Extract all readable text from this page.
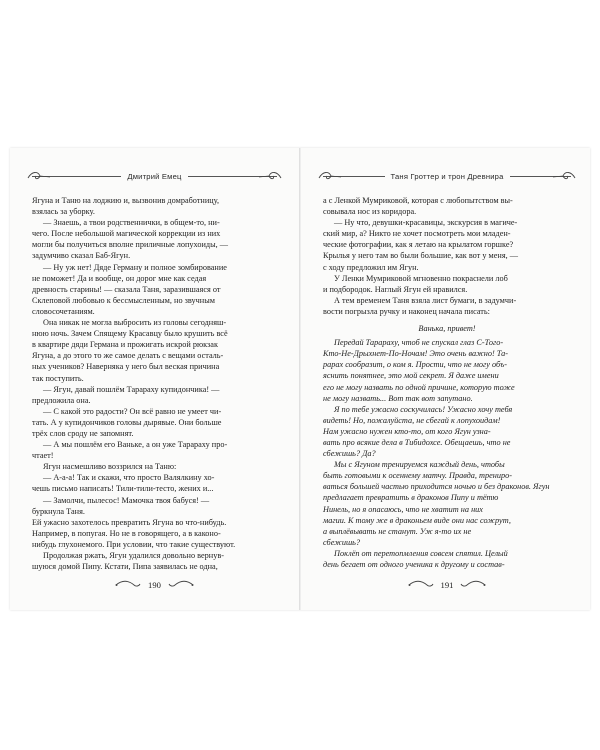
Дмитрий Емец

Ягуна и Таню на лоджию и, вызвонив домработницу,

взялась за уборку.

— Знаешь, а твои родственнички, в общем-то, ни-

чего. После небольшой магической коррекции из них

могли бы получиться вполне приличные лопухоиды, —

задумчиво сказал Баб-Ягун.

— Ну уж нет! Дяде Герману и полное зомбирование

не поможет! Да и вообще, он дорог мне как седая

древность старины! — сказала Таня, заразившаяся от

Склеповой любовью к бессмысленным, но звучным

словосочетаниям.

Она никак не могла выбросить из головы сегодняш-

нюю ночь. Зачем Спящему Красавцу было крушить всё

в квартире дяди Германа и прожигать искрой рюкзак

Ягуна, а до этого то же самое делать с вещами осталь-

ных учеников? Наверняка у него был веская причина

так поступить.

— Ягун, давай пошлём Тарараху купидончика! —

предложила она.

— С какой это радости? Он всё равно не умеет чи-

тать. А у купидончиков головы дырявые. Они больше

трёх слов сроду не запомнят.

— А мы пошлём его Ваньке, а он уже Тарараху про-

чтает!

Ягун насмешливо воззрился на Таню:

— А-а-а! Так и скажи, что просто Валялкину хо-

чешь письмо написать! Тили-тили-тесто, жених и...

— Замолчи, пылесос! Мамочка твоя бабуся! —

буркнула Таня.

Ей ужасно захотелось превратить Ягуна во что-нибудь.

Например, в попугая. Но не в говорящего, а в каконо-

нибудь глухонемого. При условии, что такие существуют.

Продолжая ржать, Ягун удалился довольно вернув-

шуюся домой Пипу. Кстати, Пипа заявилась не одна,

190
Таня Гроттер и трон Древнира

а с Ленкой Мумриковой, которая с любопытством вы-

совывала нос из коридора.

— Ну что, девушки-красавицы, экскурсия в магиче-

ский мир, а? Никто не хочет посмотреть мои младен-

ческие фотографии, как я летаю на крылатом горшке?

Крылья у него там во были большие, как вот у меня, —

с ходу предложил им Ягун.

У Ленки Мумриковой мгновенно покраснели лоб

и подбородок. Наглый Ягун ей нравился.

А тем временем Таня взяла лист бумаги, в задумчи-

вости погрызла ручку и наконец начала писать:

Ванька, привет!

Передай Тарараху, чтоб не спускал глаз С-Того-

Кто-Не-Дрыхнет-По-Ночам! Это очень важно! Та-

рарах сообразит, о ком я. Прости, что не могу объ-

яснить понятнее, это мой секрет. Я даже имени

его не могу назвать по одной причине, которую тоже

не могу назвать... Вот так вот запутано.

Я по тебе ужасно соскучилась! Ужасно хочу тебя

видеть! Но, пожалуйста, не сбегай к лопухоидам!

Нам ужасно нужен кто-то, от кого Ягун узна-

вать про всякие дела в Тибидохсе. Обещаешь, что не

сбежишь? Да?

Мы с Ягуном тренируемся каждый день, чтобы

быть готовыми к осеннему матчу. Правда, трениро-

ваться большей частью приходится ночью и без драконов. Ягун

предлагает превратить в драконов Пипу и тётю

Нинель, но я опасаюсь, что не хватит на них

магии. К тому же в драконьем виде они нас сожрут,

а выплёвывать не станут. Уж я-то их не

сбежишь?

Поклёп от перетопмления совсем спятил. Целый

день бегает от одного ученика к другому и состав-

191
